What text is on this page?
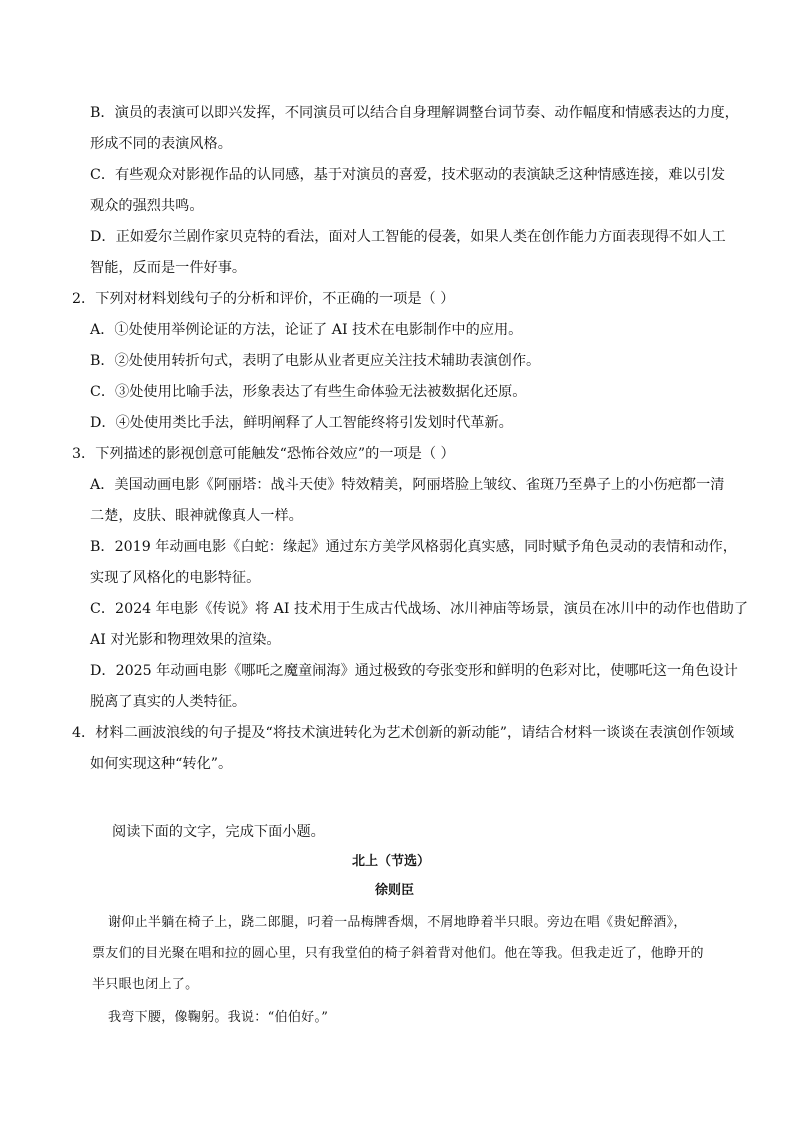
B．演员的表演可以即兴发挥，不同演员可以结合自身理解调整台词节奏、动作幅度和情感表达的力度，
形成不同的表演风格。
C．有些观众对影视作品的认同感，基于对演员的喜爱，技术驱动的表演缺乏这种情感连接，难以引发
观众的强烈共鸣。
D．正如爱尔兰剧作家贝克特的看法，面对人工智能的侵袭，如果人类在创作能力方面表现得不如人工
智能，反而是一件好事。
2．下列对材料划线句子的分析和评价，不正确的一项是（ ）
A．①处使用举例论证的方法，论证了 AI 技术在电影制作中的应用。
B．②处使用转折句式，表明了电影从业者更应关注技术辅助表演创作。
C．③处使用比喻手法，形象表达了有些生命体验无法被数据化还原。
D．④处使用类比手法，鲜明阐释了人工智能终将引发划时代革新。
3．下列描述的影视创意可能触发“恐怖谷效应”的一项是（ ）
A．美国动画电影《阿丽塔：战斗天使》特效精美，阿丽塔脸上皱纹、雀斑乃至鼻子上的小伤疤都一清
二楚，皮肤、眼神就像真人一样。
B．2019 年动画电影《白蛇：缘起》通过东方美学风格弱化真实感，同时赋予角色灵动的表情和动作，
实现了风格化的电影特征。
C．2024 年电影《传说》将 AI 技术用于生成古代战场、冰川神庙等场景，演员在冰川中的动作也借助了
AI 对光影和物理效果的渲染。
D．2025 年动画电影《哪吒之魔童闹海》通过极致的夸张变形和鲜明的色彩对比，使哪吒这一角色设计
脱离了真实的人类特征。
4．材料二画波浪线的句子提及“将技术演进转化为艺术创新的新动能”，请结合材料一谈谈在表演创作领域
如何实现这种“转化”。
阅读下面的文字，完成下面小题。
北上（节选）
徐则臣
谢仰止半躺在椅子上，跷二郎腿，叼着一品梅牌香烟，不屑地睁着半只眼。旁边在唱《贵妃醉酒》，
票友们的目光聚在唱和拉的圆心里，只有我堂伯的椅子斜着背对他们。他在等我。但我走近了，他睁开的
半只眼也闭上了。
我弯下腰，像鞠躬。我说：“伯伯好。”
